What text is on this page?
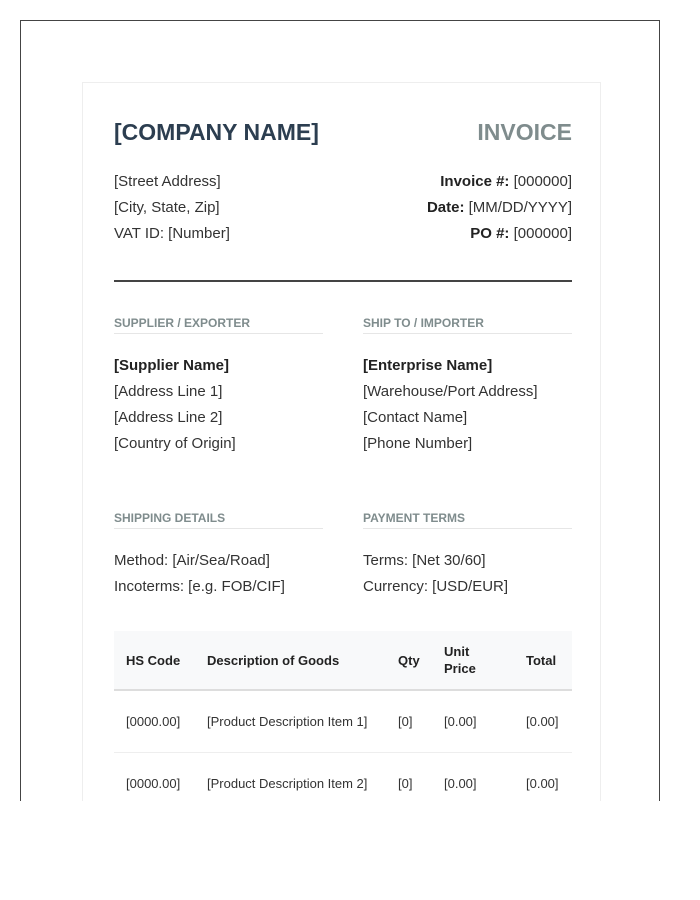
[COMPANY NAME]	INVOICE
[Street Address]
[City, State, Zip]
VAT ID: [Number]
Invoice #: [000000]
Date: [MM/DD/YYYY]
PO #: [000000]
SUPPLIER / EXPORTER
[Supplier Name]
[Address Line 1]
[Address Line 2]
[Country of Origin]
SHIP TO / IMPORTER
[Enterprise Name]
[Warehouse/Port Address]
[Contact Name]
[Phone Number]
SHIPPING DETAILS
Method: [Air/Sea/Road]
Incoterms: [e.g. FOB/CIF]
PAYMENT TERMS
Terms: [Net 30/60]
Currency: [USD/EUR]
HS Code	Description of Goods	Qty	Unit Price	Total
[0000.00]	[Product Description Item 1]	[0]	[0.00]	[0.00]
[0000.00]	[Product Description Item 2]	[0]	[0.00]	[0.00]
